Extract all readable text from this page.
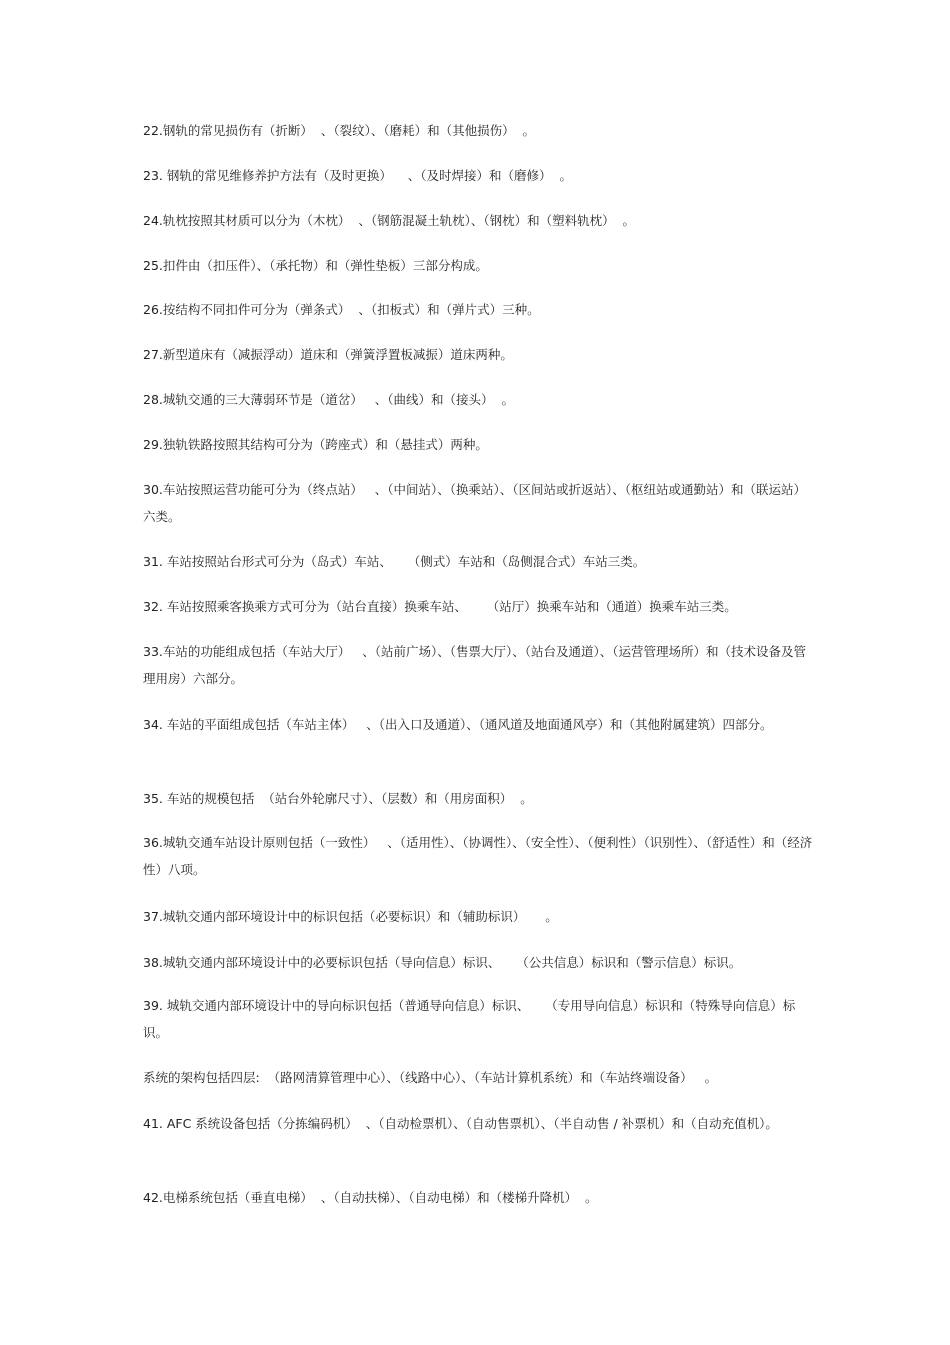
22.钢轨的常见损伤有（折断）  、（裂纹）、（磨耗）和（其他损伤）  。

23. 钢轨的常见维修养护方法有（及时更换）    、（及时焊接）和（磨修）  。

24.轨枕按照其材质可以分为（木枕）  、（钢筋混凝土轨枕）、（钢枕）和（塑料轨枕）  。

25.扣件由（扣压件）、（承托物）和（弹性垫板）三部分构成。

26.按结构不同扣件可分为（弹条式）  、（扣板式）和（弹片式）三种。

27.新型道床有（减振浮动）道床和（弹簧浮置板减振）道床两种。

28.城轨交通的三大薄弱环节是（道岔）   、（曲线）和（接头）  。

29.独轨铁路按照其结构可分为（跨座式）和（悬挂式）两种。

30.车站按照运营功能可分为（终点站）   、（中间站）、（换乘站）、（区间站或折返站）、（枢纽站或通勤站）和（联运站）六类。

31. 车站按照站台形式可分为（岛式）车站、    （侧式）车站和（岛侧混合式）车站三类。

32. 车站按照乘客换乘方式可分为（站台直接）换乘车站、     （站厅）换乘车站和（通道）换乘车站三类。

33.车站的功能组成包括（车站大厅）   、（站前广场）、（售票大厅）、（站台及通道）、（运营管理场所）和（技术设备及管理用房）六部分。

34. 车站的平面组成包括（车站主体）   、（出入口及通道）、（通风道及地面通风亭）和（其他附属建筑）四部分。

35. 车站的规模包括  （站台外轮廓尺寸）、（层数）和（用房面积）  。

36.城轨交通车站设计原则包括（一致性）   、（适用性）、（协调性）、（安全性）、（便利性）（识别性）、（舒适性）和（经济性）八项。

37.城轨交通内部环境设计中的标识包括（必要标识）和（辅助标识）     。

38.城轨交通内部环境设计中的必要标识包括（导向信息）标识、    （公共信息）标识和（警示信息）标识。

39. 城轨交通内部环境设计中的导向标识包括（普通导向信息）标识、    （专用导向信息）标识和（特殊导向信息）标识。

系统的架构包括四层:  （路网清算管理中心）、（线路中心）、（车站计算机系统）和（车站终端设备）   。

41. AFC 系统设备包括（分拣编码机）  、（自动检票机）、（自动售票机）、（半自动售 / 补票机）和（自动充值机）。

42.电梯系统包括（垂直电梯）  、（自动扶梯）、（自动电梯）和（楼梯升降机）  。
